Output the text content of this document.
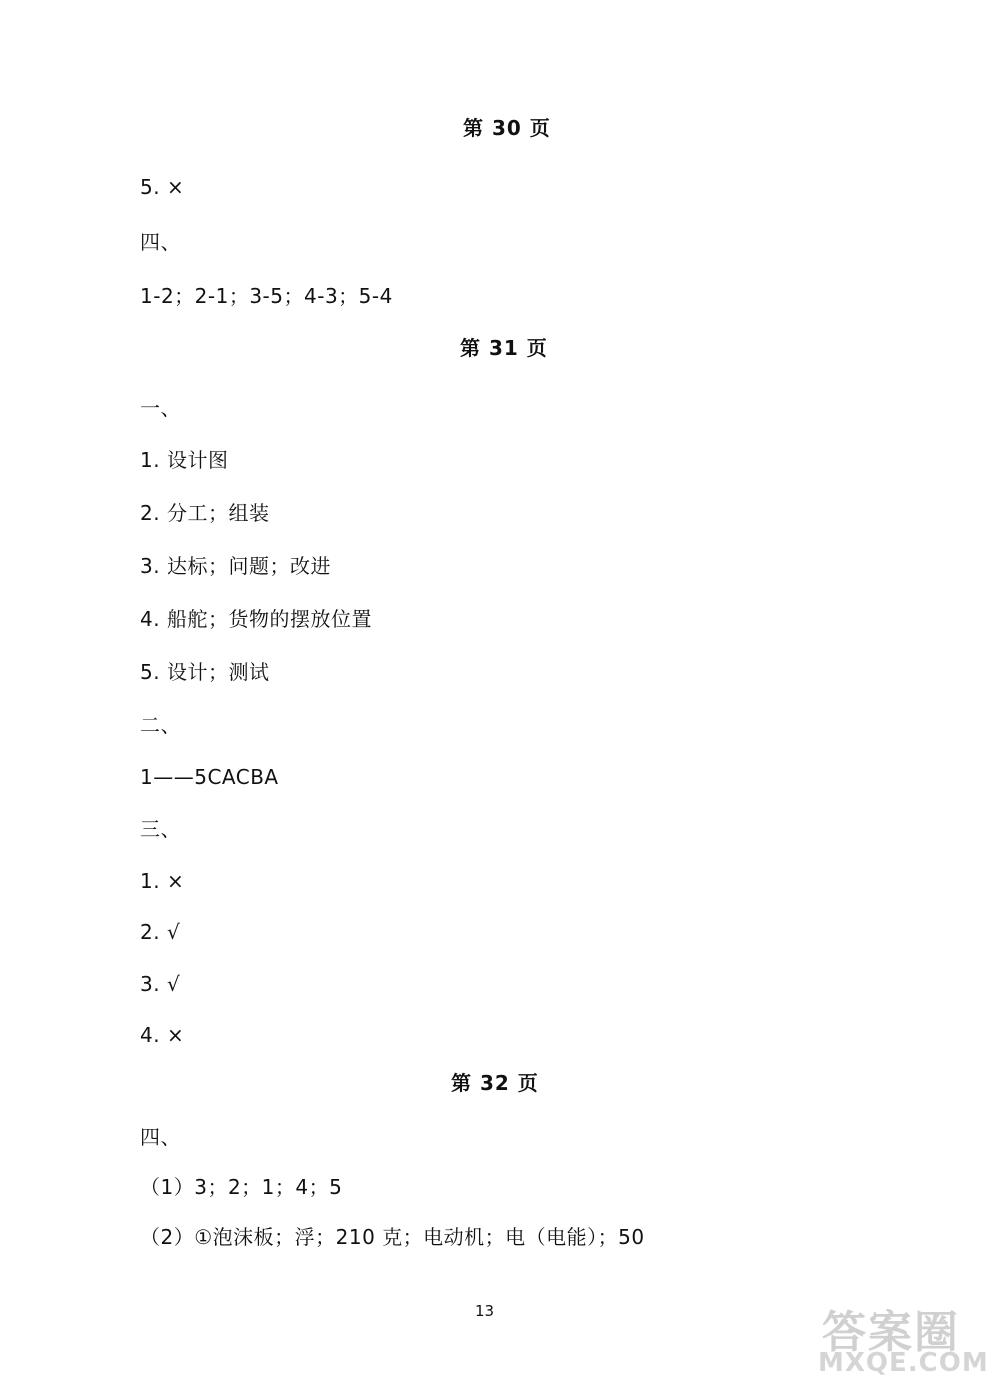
第 30 页
5. ×
四、
1-2；2-1；3-5；4-3；5-4
第 31 页
一、
1. 设计图
2. 分工；组装
3. 达标；问题；改进
4. 船舵；货物的摆放位置
5. 设计；测试
二、
1——5CACBA
三、
1. ×
2. √
3. √
4. ×
第 32 页
四、
（1）3；2；1；4；5
（2）①泡沫板；浮；210 克；电动机；电（电能）；50
13	答案圈
MXQE.COM
